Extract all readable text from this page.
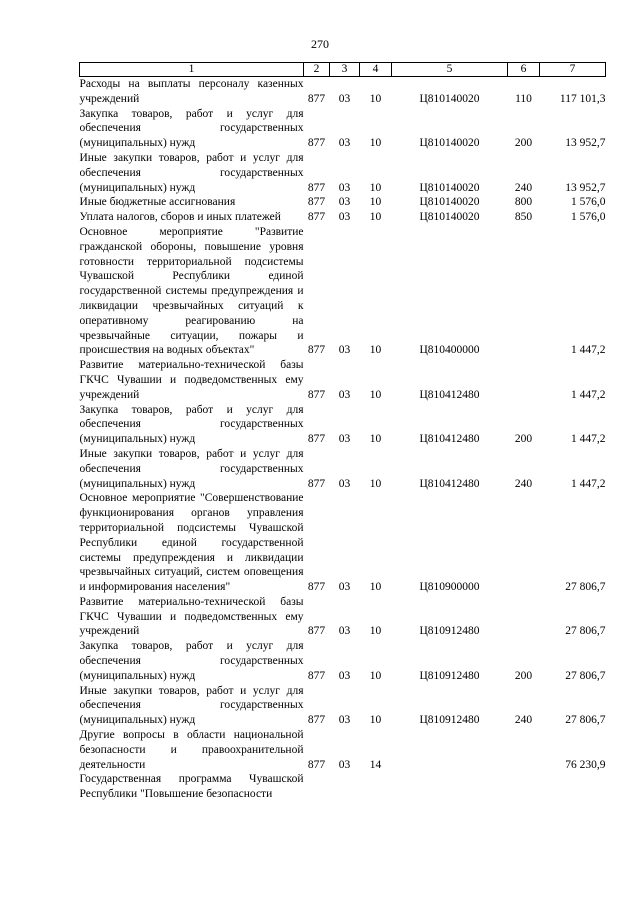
270
1	2	3	4	5	6	7
Расходы на выплаты персоналу казенных учреждений	877	03	10	Ц810140020	110	117 101,3
Закупка товаров, работ и услуг для обеспечения государственных (муниципальных) нужд	877	03	10	Ц810140020	200	13 952,7
Иные закупки товаров, работ и услуг для обеспечения государственных (муниципальных) нужд	877	03	10	Ц810140020	240	13 952,7
Иные бюджетные ассигнования	877	03	10	Ц810140020	800	1 576,0
Уплата налогов, сборов и иных платежей	877	03	10	Ц810140020	850	1 576,0
Основное мероприятие "Развитие гражданской обороны, повышение уровня готовности территориальной подсистемы Чувашской Республики единой государственной системы предупреждения и ликвидации чрезвычайных ситуаций к оперативному реагированию на чрезвычайные ситуации, пожары и происшествия на водных объектах"	877	03	10	Ц810400000		1 447,2
Развитие материально-технической базы ГКЧС Чувашии и подведомственных ему учреждений	877	03	10	Ц810412480		1 447,2
Закупка товаров, работ и услуг для обеспечения государственных (муниципальных) нужд	877	03	10	Ц810412480	200	1 447,2
Иные закупки товаров, работ и услуг для обеспечения государственных (муниципальных) нужд	877	03	10	Ц810412480	240	1 447,2
Основное мероприятие "Совершенствование функционирования органов управления территориальной подсистемы Чувашской Республики единой государственной системы предупреждения и ликвидации чрезвычайных ситуаций, систем оповещения и информирования населения"	877	03	10	Ц810900000		27 806,7
Развитие материально-технической базы ГКЧС Чувашии и подведомственных ему учреждений	877	03	10	Ц810912480		27 806,7
Закупка товаров, работ и услуг для обеспечения государственных (муниципальных) нужд	877	03	10	Ц810912480	200	27 806,7
Иные закупки товаров, работ и услуг для обеспечения государственных (муниципальных) нужд	877	03	10	Ц810912480	240	27 806,7
Другие вопросы в области национальной безопасности и правоохранительной деятельности	877	03	14			76 230,9
Государственная программа Чувашской Республики "Повышение безопасности						
